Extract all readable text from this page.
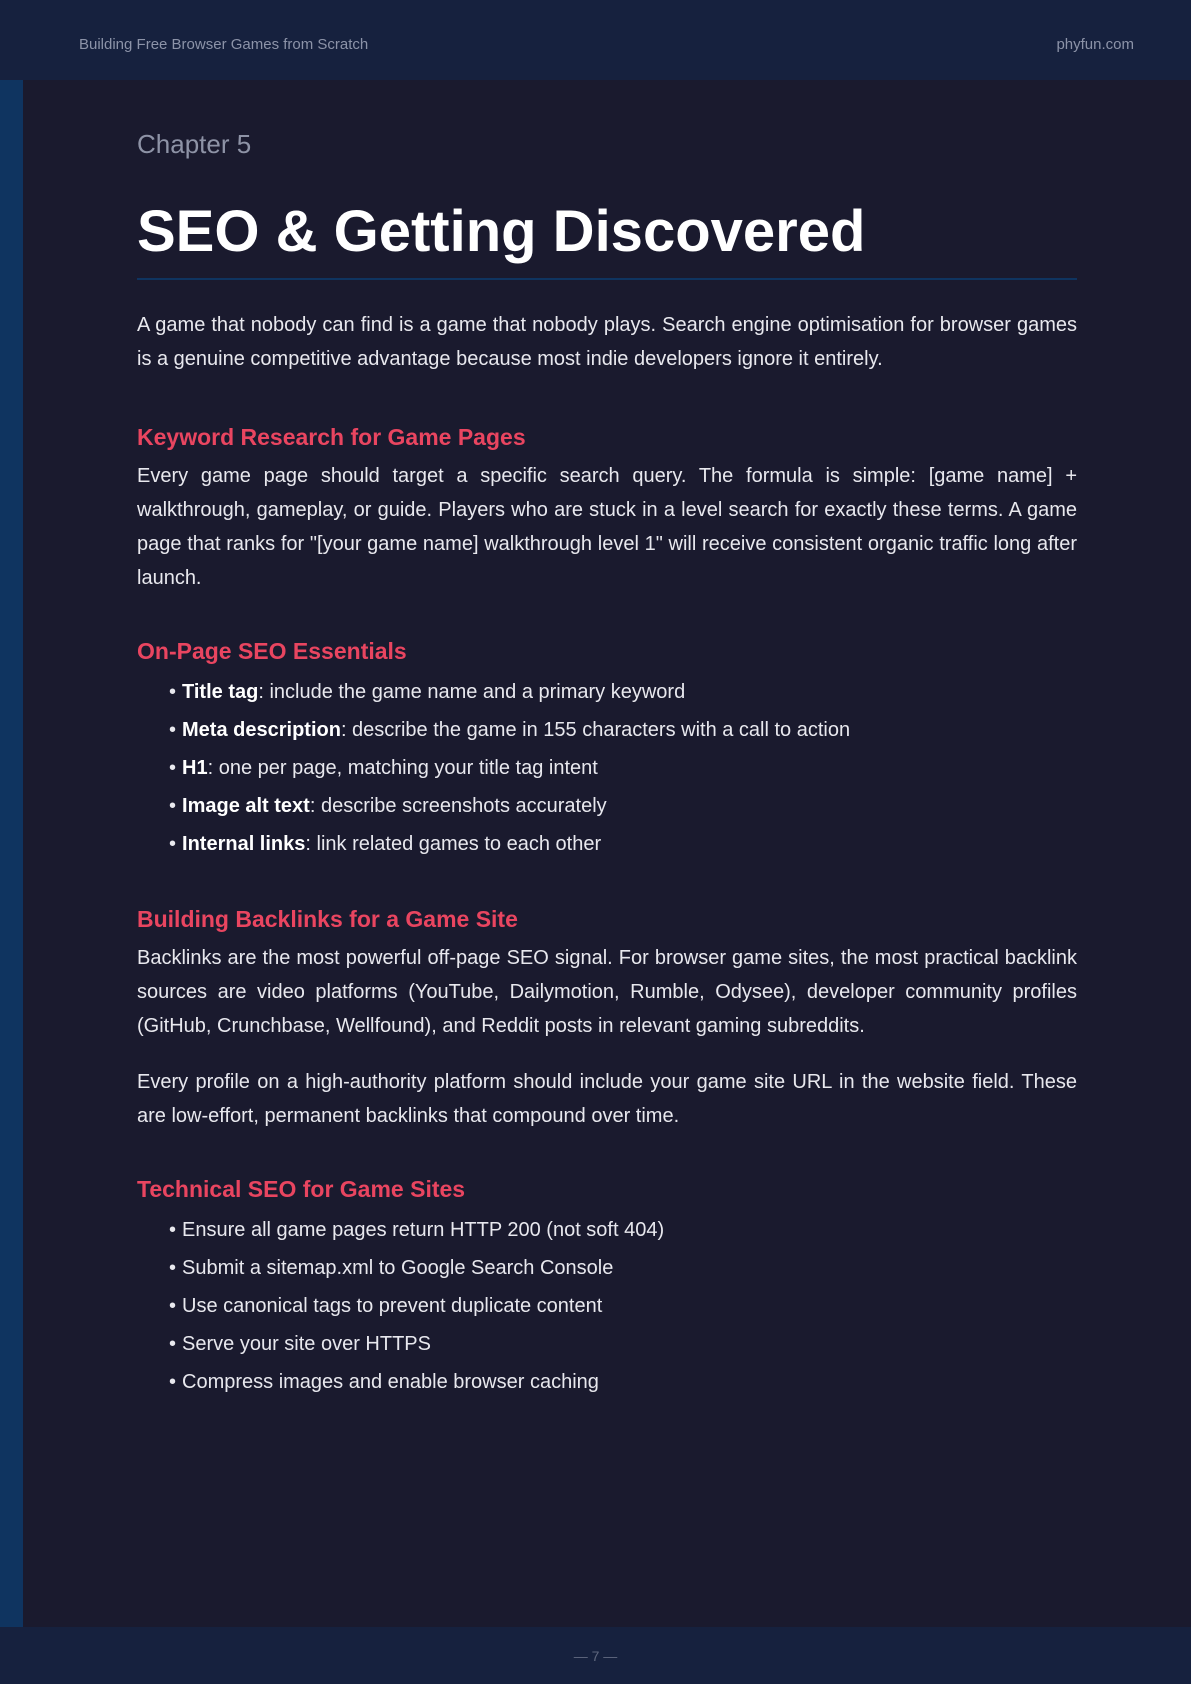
Building Free Browser Games from Scratch	phyfun.com

Chapter 5

SEO & Getting Discovered

A game that nobody can find is a game that nobody plays. Search engine optimisation for browser games is a genuine competitive advantage because most indie developers ignore it entirely.

Keyword Research for Game Pages

Every game page should target a specific search query. The formula is simple: [game name] + walkthrough, gameplay, or guide. Players who are stuck in a level search for exactly these terms. A game page that ranks for "[your game name] walkthrough level 1" will receive consistent organic traffic long after launch.

On-Page SEO Essentials
• Title tag: include the game name and a primary keyword
• Meta description: describe the game in 155 characters with a call to action
• H1: one per page, matching your title tag intent
• Image alt text: describe screenshots accurately
• Internal links: link related games to each other
Building Backlinks for a Game Site

Backlinks are the most powerful off-page SEO signal. For browser game sites, the most practical backlink sources are video platforms (YouTube, Dailymotion, Rumble, Odysee), developer community profiles (GitHub, Crunchbase, Wellfound), and Reddit posts in relevant gaming subreddits.

Every profile on a high-authority platform should include your game site URL in the website field. These are low-effort, permanent backlinks that compound over time.

Technical SEO for Game Sites
• Ensure all game pages return HTTP 200 (not soft 404)
• Submit a sitemap.xml to Google Search Console
• Use canonical tags to prevent duplicate content
• Serve your site over HTTPS
• Compress images and enable browser caching
— 7 —
